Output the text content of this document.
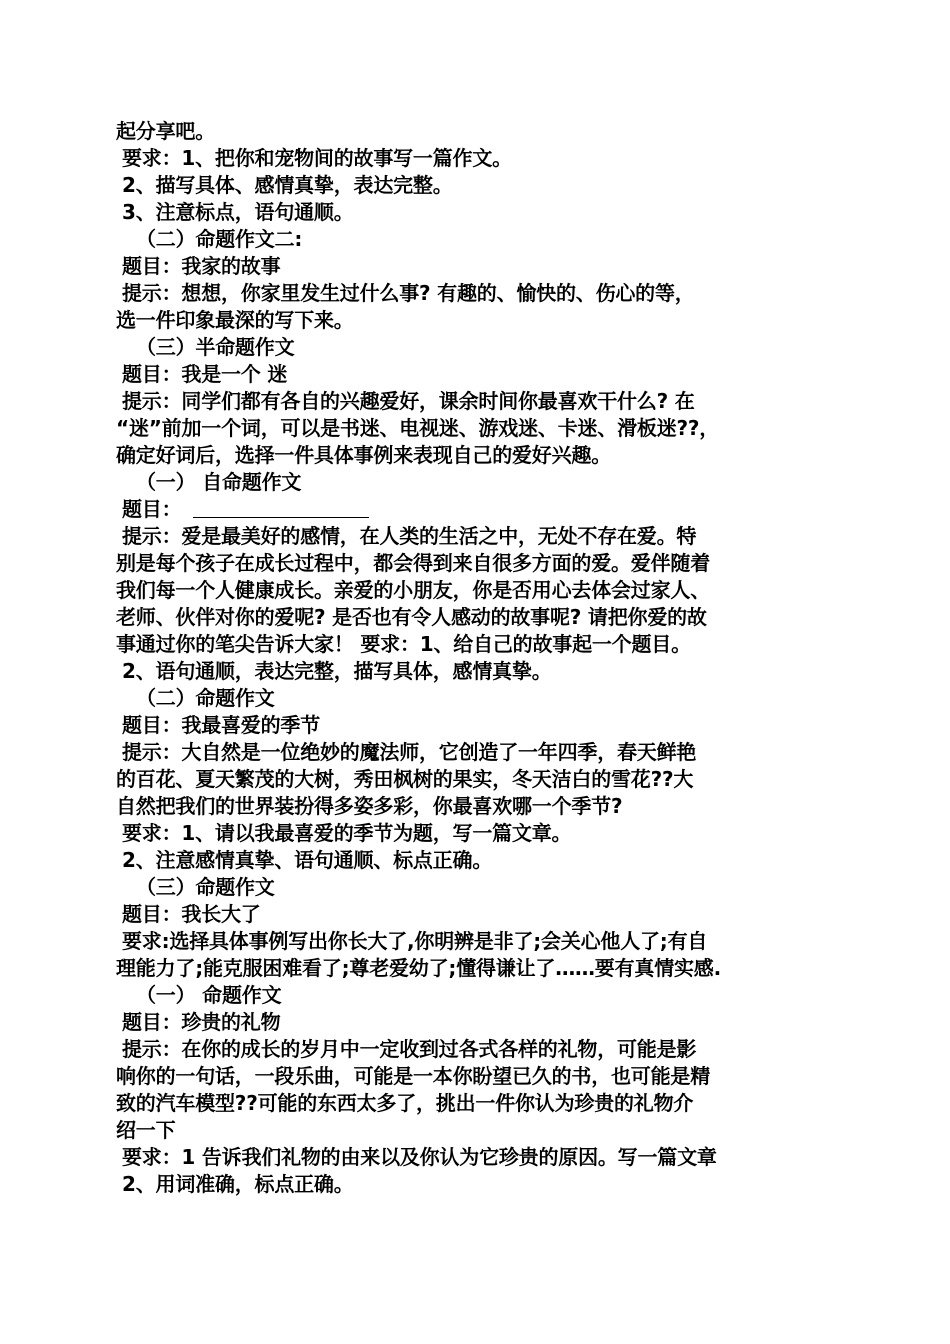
起分享吧。
要求：1、把你和宠物间的故事写一篇作文。
2、描写具体、感情真挚，表达完整。
3、注意标点，语句通顺。
（二）命题作文二:
题目：我家的故事
提示：想想，你家里发生过什么事? 有趣的、愉快的、伤心的等，
选一件印象最深的写下来。
（三）半命题作文
题目：我是一个 迷
提示：同学们都有各自的兴趣爱好，课余时间你最喜欢干什么? 在
“迷”前加一个词，可以是书迷、电视迷、游戏迷、卡迷、滑板迷??，
确定好词后，选择一件具体事例来表现自己的爱好兴趣。
（一） 自命题作文
题目：
提示：爱是最美好的感情，在人类的生活之中，无处不存在爱。特
别是每个孩子在成长过程中，都会得到来自很多方面的爱。爱伴随着
我们每一个人健康成长。亲爱的小朋友，你是否用心去体会过家人、
老师、伙伴对你的爱呢? 是否也有令人感动的故事呢? 请把你爱的故
事通过你的笔尖告诉大家！ 要求：1、给自己的故事起一个题目。
2、语句通顺，表达完整，描写具体，感情真挚。
（二）命题作文
题目：我最喜爱的季节
提示：大自然是一位绝妙的魔法师，它创造了一年四季，春天鲜艳
的百花、夏天繁茂的大树，秀田枫树的果实，冬天洁白的雪花??大
自然把我们的世界装扮得多姿多彩，你最喜欢哪一个季节?
要求：1、请以我最喜爱的季节为题，写一篇文章。
2、注意感情真挚、语句通顺、标点正确。
（三）命题作文
题目：我长大了
要求:选择具体事例写出你长大了,你明辨是非了;会关心他人了;有自
理能力了;能克服困难看了;尊老爱幼了;懂得谦让了……要有真情实感.
（一） 命题作文
题目：珍贵的礼物
提示：在你的成长的岁月中一定收到过各式各样的礼物，可能是影
响你的一句话，一段乐曲，可能是一本你盼望已久的书，也可能是精
致的汽车模型??可能的东西太多了，挑出一件你认为珍贵的礼物介
绍一下
要求：1 告诉我们礼物的由来以及你认为它珍贵的原因。写一篇文章
2、用词准确，标点正确。
